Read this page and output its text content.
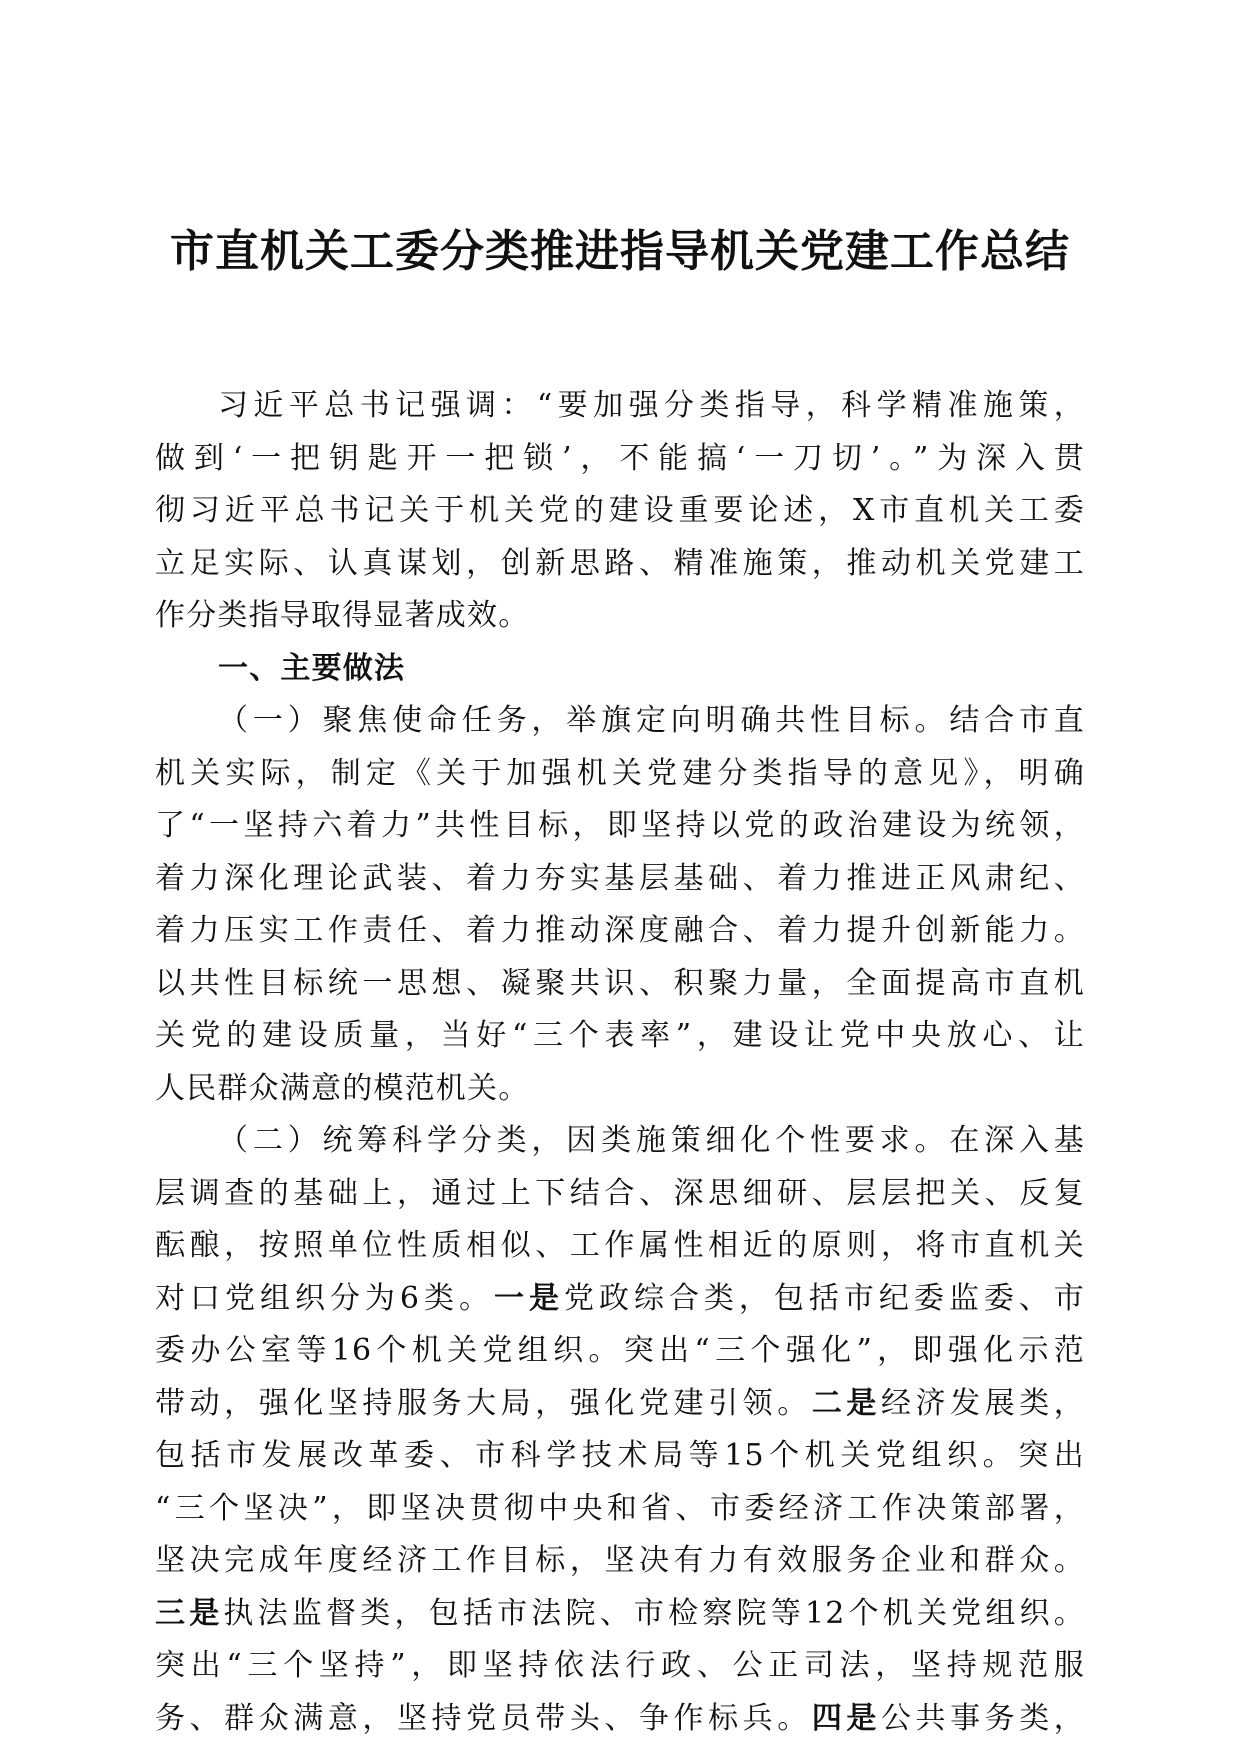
市直机关工委分类推进指导机关党建工作总结
习近平总书记强调：“要加强分类指导，科学精准施策，
做到‘一把钥匙开一把锁’，不能搞‘一刀切’。”为深入贯
彻习近平总书记关于机关党的建设重要论述，X市直机关工委
立足实际、认真谋划，创新思路、精准施策，推动机关党建工
作分类指导取得显著成效。
一、主要做法
（一）聚焦使命任务，举旗定向明确共性目标。结合市直
机关实际，制定《关于加强机关党建分类指导的意见》，明确
了“一坚持六着力”共性目标，即坚持以党的政治建设为统领，
着力深化理论武装、着力夯实基层基础、着力推进正风肃纪、
着力压实工作责任、着力推动深度融合、着力提升创新能力。
以共性目标统一思想、凝聚共识、积聚力量，全面提高市直机
关党的建设质量，当好“三个表率”，建设让党中央放心、让
人民群众满意的模范机关。
（二）统筹科学分类，因类施策细化个性要求。在深入基
层调查的基础上，通过上下结合、深思细研、层层把关、反复
酝酿，按照单位性质相似、工作属性相近的原则，将市直机关
对口党组织分为6类。一是党政综合类，包括市纪委监委、市
委办公室等16个机关党组织。突出“三个强化”，即强化示范
带动，强化坚持服务大局，强化党建引领。二是经济发展类，
包括市发展改革委、市科学技术局等15个机关党组织。突出
“三个坚决”，即坚决贯彻中央和省、市委经济工作决策部署，
坚决完成年度经济工作目标，坚决有力有效服务企业和群众。
三是执法监督类，包括市法院、市检察院等12个机关党组织。
突出“三个坚持”，即坚持依法行政、公正司法，坚持规范服
务、群众满意，坚持党员带头、争作标兵。四是公共事务类，
